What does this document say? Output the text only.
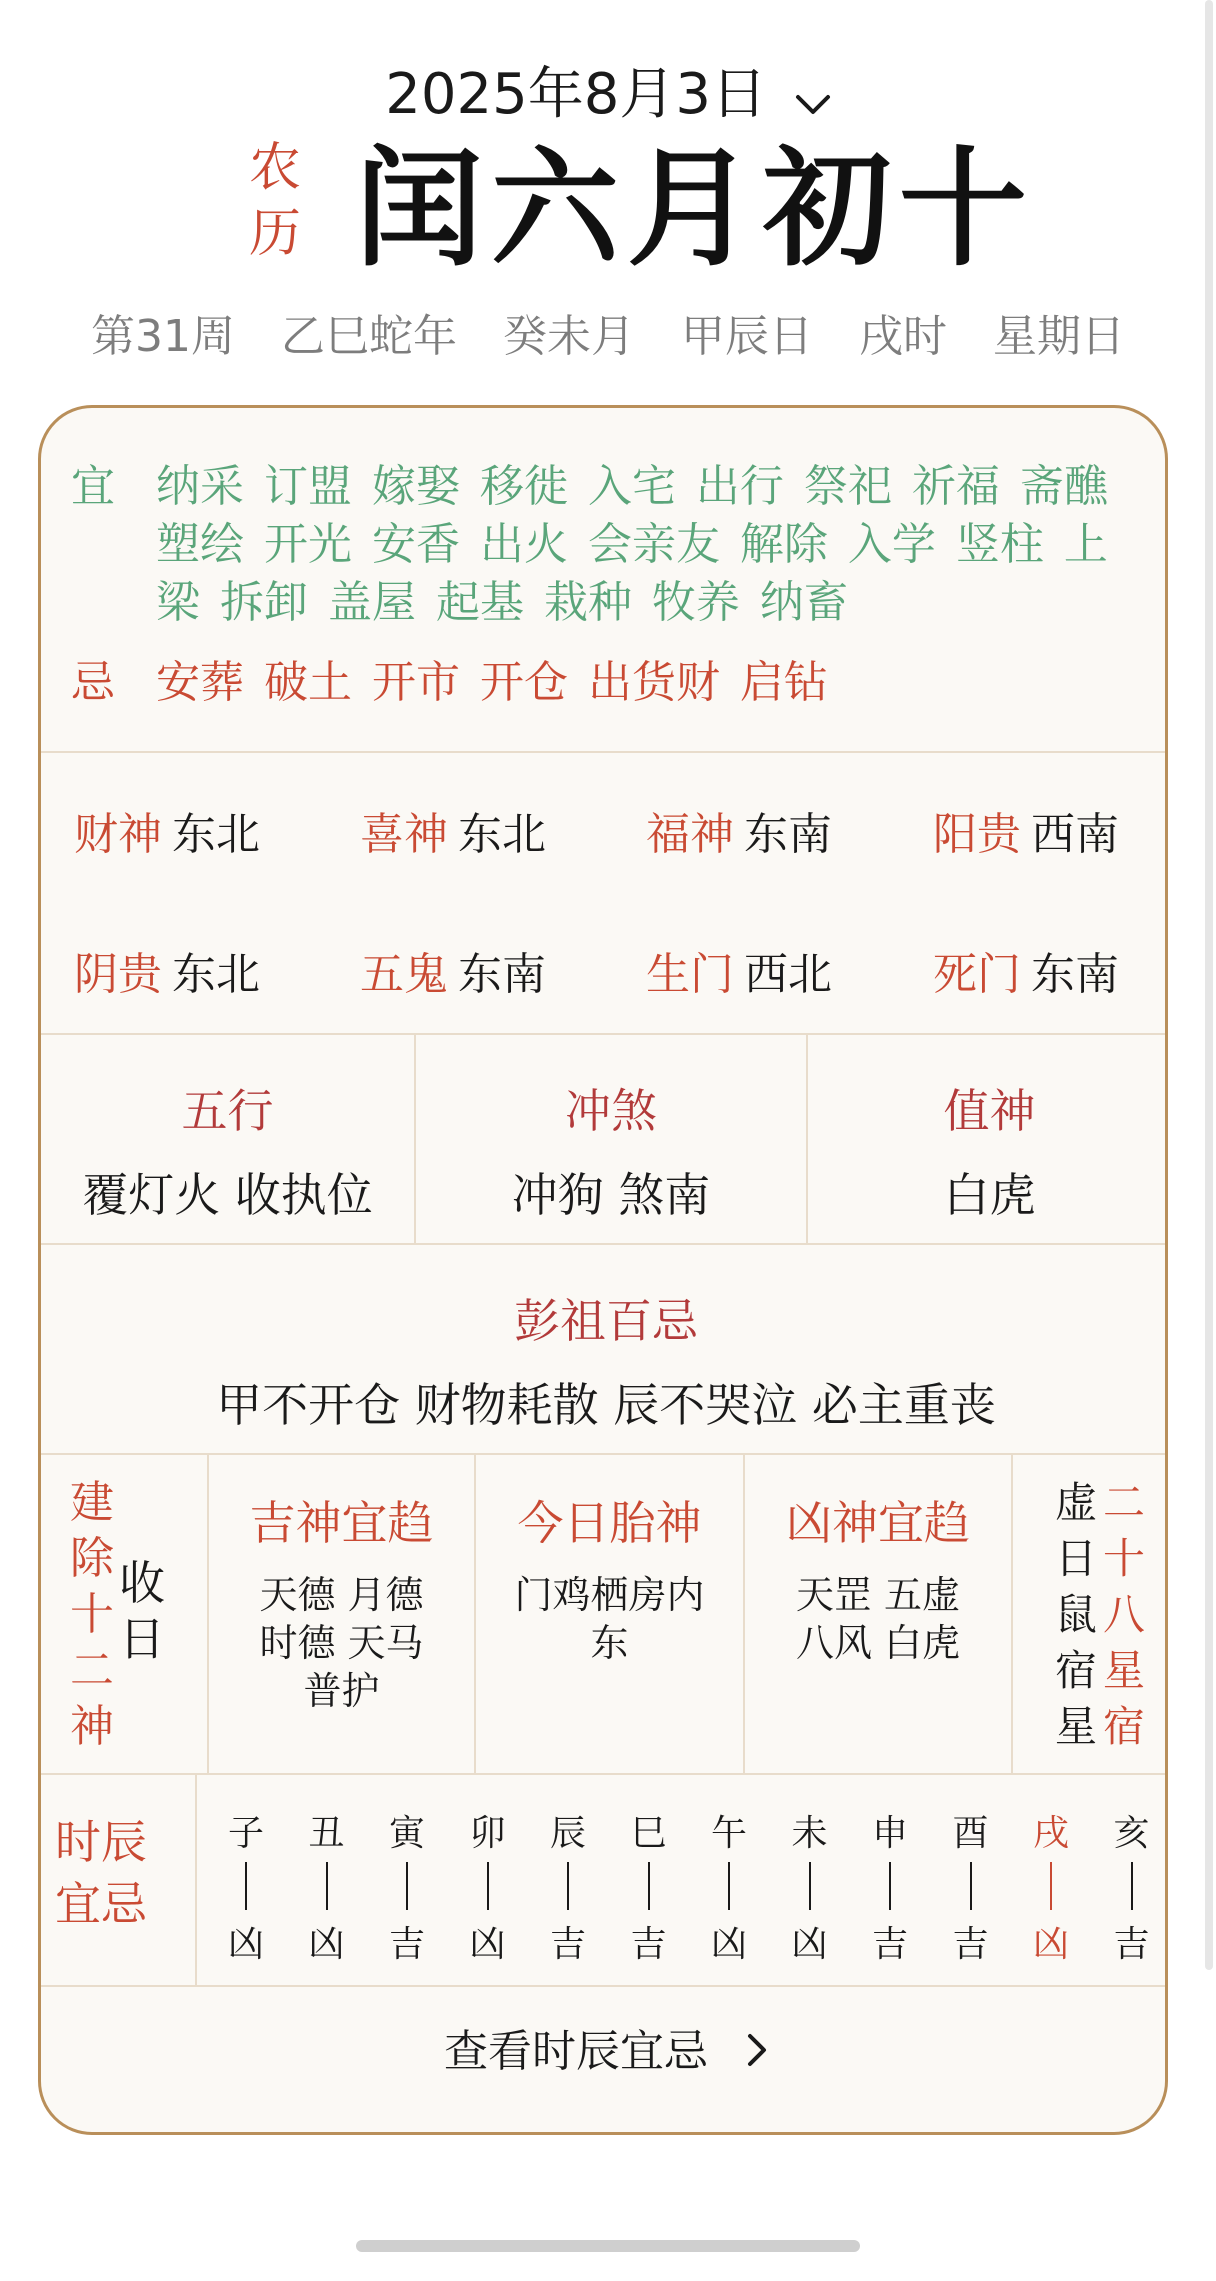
2025年8月3日
农
历 闰六月初十
第31周 乙巳蛇年 癸未月 甲辰日 戌时 星期日
宜 纳采 订盟 嫁娶 移徙 入宅 出行 祭祀 祈福 斋醮 塑绘 开光 安香 出火 会亲友 解除 入学 竖柱 上梁 拆卸 盖屋 起基 栽种 牧养 纳畜
忌 安葬 破土 开市 开仓 出货财 启钻
财神 东北 喜神 东北 福神 东南 阳贵 西南
阴贵 东北 五鬼 东南 生门 西北 死门 东南
五行
覆灯火 收执位
冲煞
冲狗 煞南
值神
白虎
彭祖百忌
甲不开仓 财物耗散 辰不哭泣 必主重丧
建
除
十
二
神
收
日
吉神宜趋
天德 月德
时德 天马
普护
今日胎神
门鸡栖房内
东
凶神宜趋
天罡 五虚
八风 白虎
虚
日
鼠
宿
星
二
十
八
星
宿
时辰
宜忌
子
凶
丑
凶
寅
吉
卯
凶
辰
吉
巳
吉
午
凶
未
凶
申
吉
酉
吉
戌
凶
亥
吉
查看时辰宜忌
